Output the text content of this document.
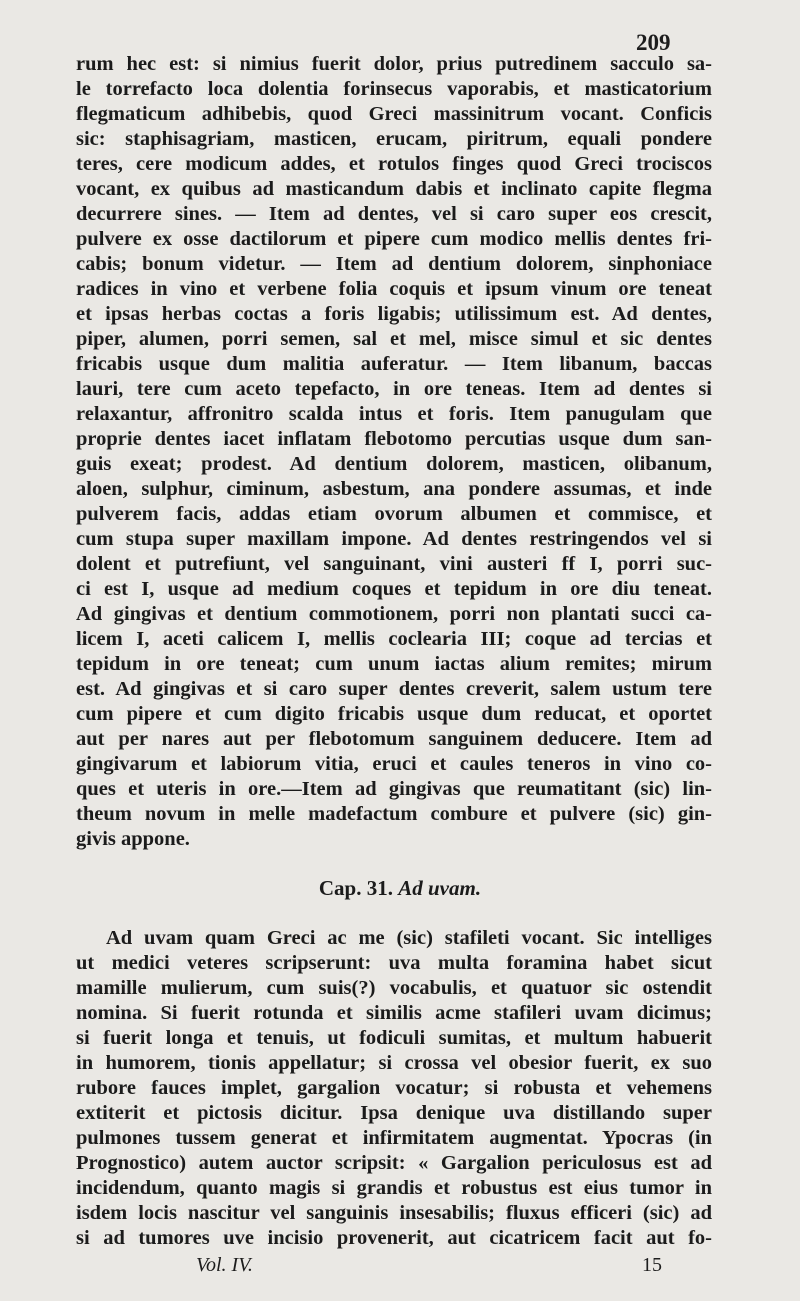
209
rum hec est: si nimius fuerit dolor, prius putredinem sacculo sa-
le torrefacto loca dolentia forinsecus vaporabis, et masticatorium
flegmaticum adhibebis, quod Greci massinitrum vocant. Conficis
sic: staphisagriam, masticen, erucam, piritrum, equali pondere
teres, cere modicum addes, et rotulos finges quod Greci trociscos
vocant, ex quibus ad masticandum dabis et inclinato capite flegma
decurrere sines. — Item ad dentes, vel si caro super eos crescit,
pulvere ex osse dactilorum et pipere cum modico mellis dentes fri-
cabis; bonum videtur. — Item ad dentium dolorem, sinphoniace
radices in vino et verbene folia coquis et ipsum vinum ore teneat
et ipsas herbas coctas a foris ligabis; utilissimum est. Ad dentes,
piper, alumen, porri semen, sal et mel, misce simul et sic dentes
fricabis usque dum malitia auferatur. — Item libanum, baccas
lauri, tere cum aceto tepefacto, in ore teneas. Item ad dentes si
relaxantur, affronitro scalda intus et foris. Item panugulam que
proprie dentes iacet inflatam flebotomo percutias usque dum san-
guis exeat; prodest. Ad dentium dolorem, masticen, olibanum,
aloen, sulphur, ciminum, asbestum, ana pondere assumas, et inde
pulverem facis, addas etiam ovorum albumen et commisce, et
cum stupa super maxillam impone. Ad dentes restringendos vel si
dolent et putrefiunt, vel sanguinant, vini austeri ff I, porri suc-
ci est I, usque ad medium coques et tepidum in ore diu teneat.
Ad gingivas et dentium commotionem, porri non plantati succi ca-
licem I, aceti calicem I, mellis coclearia III; coque ad tercias et
tepidum in ore teneat; cum unum iactas alium remites; mirum
est. Ad gingivas et si caro super dentes creverit, salem ustum tere
cum pipere et cum digito fricabis usque dum reducat, et oportet
aut per nares aut per flebotomum sanguinem deducere. Item ad
gingivarum et labiorum vitia, eruci et caules teneros in vino co-
ques et uteris in ore.—Item ad gingivas que reumatitant (sic) lin-
theum novum in melle madefactum combure et pulvere (sic) gin-
givis appone.
Cap. 31. Ad uvam.
Ad uvam quam Greci ac me (sic) stafileti vocant. Sic intelliges
ut medici veteres scripserunt: uva multa foramina habet sicut
mamille mulierum, cum suis(?) vocabulis, et quatuor sic ostendit
nomina. Si fuerit rotunda et similis acme stafileri uvam dicimus;
si fuerit longa et tenuis, ut fodiculi sumitas, et multum habuerit
in humorem, tionis appellatur; si crossa vel obesior fuerit, ex suo
rubore fauces implet, gargalion vocatur; si robusta et vehemens
extiterit et pictosis dicitur. Ipsa denique uva distillando super
pulmones tussem generat et infirmitatem augmentat. Ypocras (in
Prognostico) autem auctor scripsit: « Gargalion periculosus est ad
incidendum, quanto magis si grandis et robustus est eius tumor in
isdem locis nascitur vel sanguinis insesabilis; fluxus efficeri (sic) ad
si ad tumores uve incisio provenerit, aut cicatricem facit aut fo-
Vol. IV.	15
